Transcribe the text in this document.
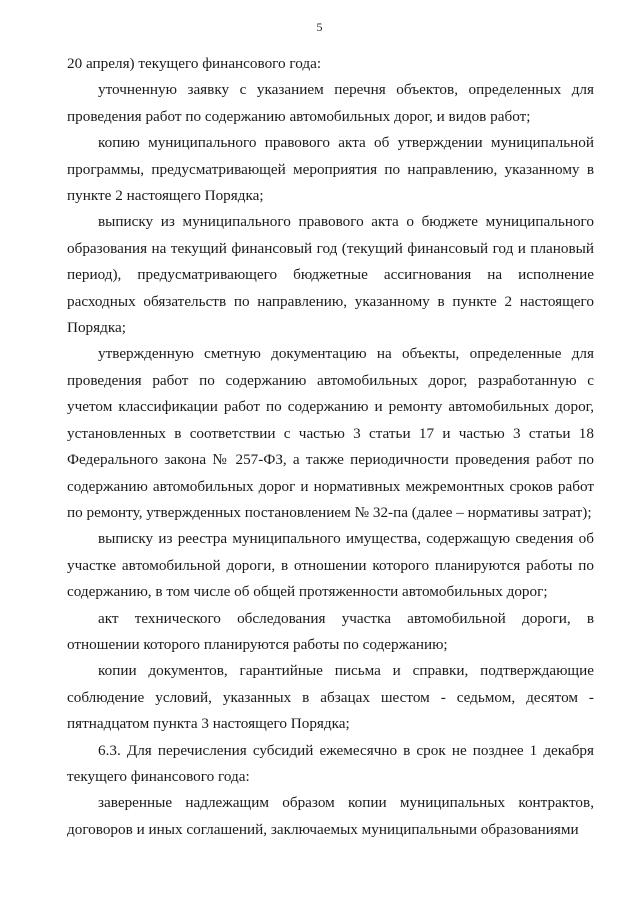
5

20 апреля) текущего финансового года:

уточненную заявку с указанием перечня объектов, определенных для проведения работ по содержанию автомобильных дорог, и видов работ;

копию муниципального правового акта об утверждении муниципальной программы, предусматривающей мероприятия по направлению, указанному в пункте 2 настоящего Порядка;

выписку из муниципального правового акта о бюджете муниципального образования на текущий финансовый год (текущий финансовый год и плановый период), предусматривающего бюджетные ассигнования на исполнение расходных обязательств по направлению, указанному в пункте 2 настоящего Порядка;

утвержденную сметную документацию на объекты, определенные для проведения работ по содержанию автомобильных дорог, разработанную с учетом классификации работ по содержанию и ремонту автомобильных дорог, установленных в соответствии с частью 3 статьи 17 и частью 3 статьи 18 Федерального закона № 257-ФЗ, а также периодичности проведения работ по содержанию автомобильных дорог и нормативных межремонтных сроков работ по ремонту, утвержденных постановлением № 32-па (далее – нормативы затрат);

выписку из реестра муниципального имущества, содержащую сведения об участке автомобильной дороги, в отношении которого планируются работы по содержанию, в том числе об общей протяженности автомобильных дорог;

акт технического обследования участка автомобильной дороги, в отношении которого планируются работы по содержанию;

копии документов, гарантийные письма и справки, подтверждающие соблюдение условий, указанных в абзацах шестом - седьмом, десятом - пятнадцатом пункта 3 настоящего Порядка;

6.3. Для перечисления субсидий ежемесячно в срок не позднее 1 декабря текущего финансового года:

заверенные надлежащим образом копии муниципальных контрактов, договоров и иных соглашений, заключаемых муниципальными образованиями
